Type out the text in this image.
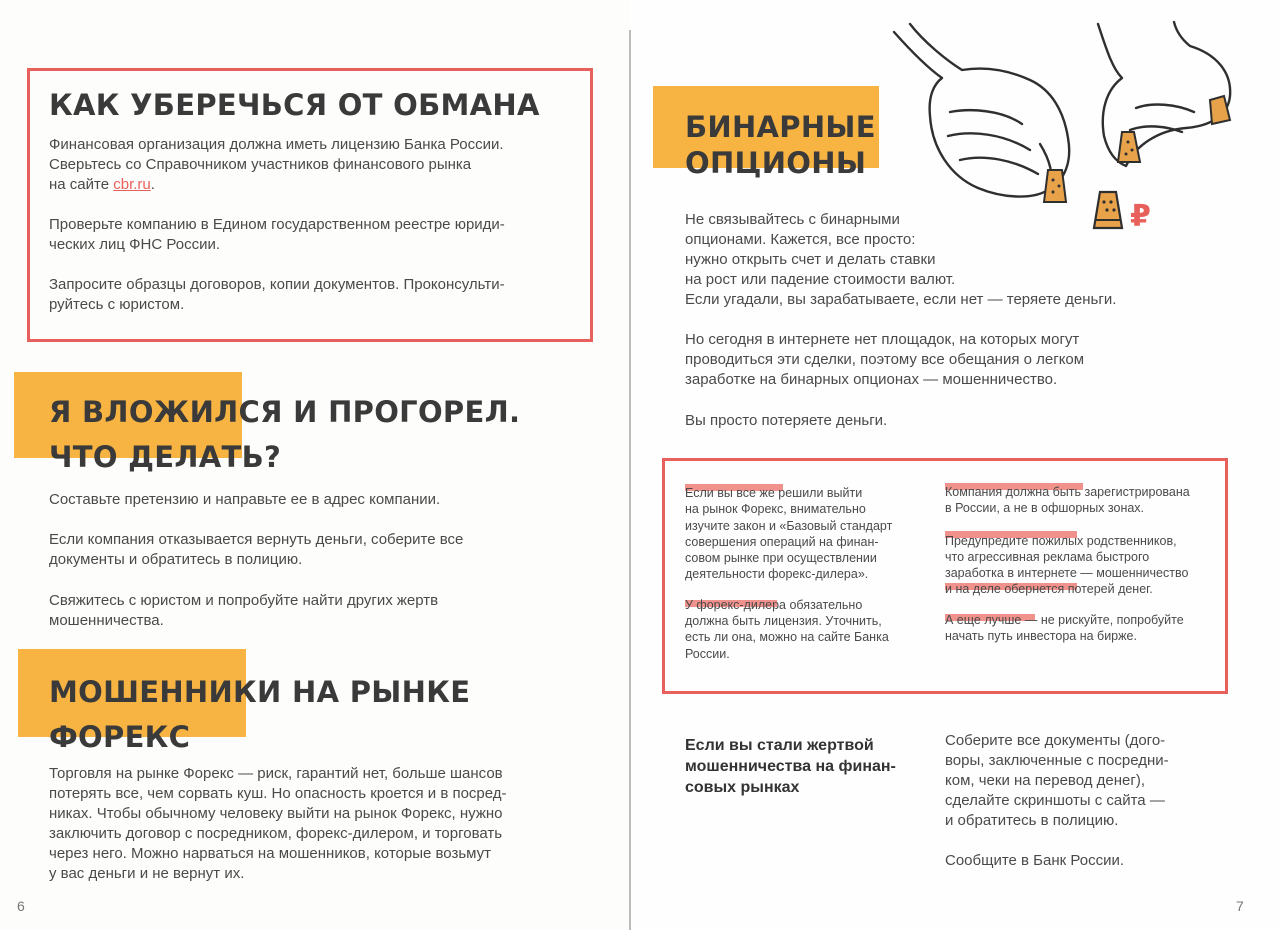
КАК УБЕРЕЧЬСЯ ОТ ОБМАНА

Финансовая организация должна иметь лицензию Банка России.

Сверьтесь со Справочником участников финансового рынка

на сайте cbr.ru.

Проверьте компанию в Едином государственном реестре юриди-

ческих лиц ФНС России.

Запросите образцы договоров, копии документов. Проконсульти-

руйтесь с юристом.

Я ВЛОЖИЛСЯ И ПРОГОРЕЛ.
ЧТО ДЕЛАТЬ?
Составьте претензию и направьте ее в адрес компании.

Если компания отказывается вернуть деньги, соберите все

документы и обратитесь в полицию.

Свяжитесь с юристом и попробуйте найти других жертв

мошенничества.

МОШЕННИКИ НА РЫНКЕ
ФОРЕКС
Торговля на рынке Форекс — риск, гарантий нет, больше шансов
потерять все, чем сорвать куш. Но опасность кроется и в посред-
никах. Чтобы обычному человеку выйти на рынок Форекс, нужно
заключить договор с посредником, форекс-дилером, и торговать
через него. Можно нарваться на мошенников, которые возьмут
у вас деньги и не вернут их.
6
БИНАРНЫЕ
ОПЦИОНЫ
₽
Не связывайтесь с бинарными
опционами. Кажется, все просто:
нужно открыть счет и делать ставки
на рост или падение стоимости валют.
Если угадали, вы зарабатываете, если нет — теряете деньги.
Но сегодня в интернете нет площадок, на которых могут
проводиться эти сделки, поэтому все обещания о легком
заработке на бинарных опционах — мошенничество.
Вы просто потеряете деньги.

Если вы все же решили выйти
на рынок Форекс, внимательно
изучите закон и «Базовый стандарт
совершения операций на финан-
совом рынке при осуществлении
деятельности форекс-дилера».

У форекс-дилера обязательно
должна быть лицензия. Уточнить,
есть ли она, можно на сайте Банка
России.

Компания должна быть зарегистрирована
в России, а не в офшорных зонах.

Предупредите пожилых родственников,
что агрессивная реклама быстрого
заработка в интернете — мошенничество
и на деле обернется потерей денег.

А еще лучше — не рискуйте, попробуйте
начать путь инвестора на бирже.

Если вы стали жертвой
мошенничества на финан-
совых рынках
Соберите все документы (дого-
воры, заключенные с посредни-
ком, чеки на перевод денег),
сделайте скриншоты с сайта —
и обратитесь в полицию.
Сообщите в Банк России.
7
